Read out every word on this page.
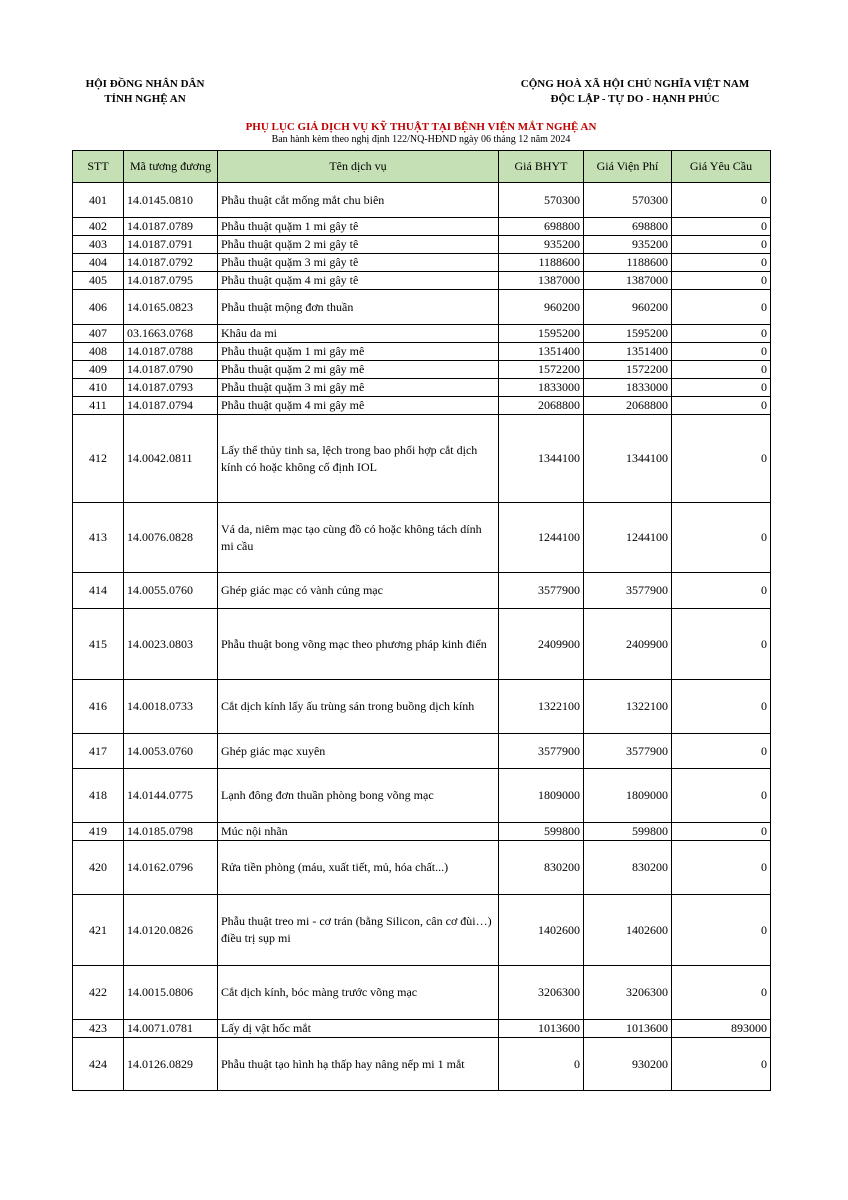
HỘI ĐỒNG NHÂN DÂN
TỈNH NGHỆ AN
CỘNG HOÀ XÃ HỘI CHỦ NGHĨA VIỆT NAM
ĐỘC LẬP - TỰ DO - HẠNH PHÚC
PHỤ LỤC GIÁ DỊCH VỤ KỸ THUẬT TẠI BỆNH VIỆN MẮT NGHỆ AN
Ban hành kèm theo nghị định 122/NQ-HĐND ngày 06 tháng 12 năm 2024
STT	Mã tương đương	Tên dịch vụ	Giá BHYT	Giá Viện Phí	Giá Yêu Cầu
401	14.0145.0810	Phẫu thuật cắt mống mắt chu biên	570300	570300	0
402	14.0187.0789	Phẫu thuật quặm 1 mi gây tê	698800	698800	0
403	14.0187.0791	Phẫu thuật quặm 2 mi gây tê	935200	935200	0
404	14.0187.0792	Phẫu thuật quặm 3 mi gây tê	1188600	1188600	0
405	14.0187.0795	Phẫu thuật quặm 4 mi gây tê	1387000	1387000	0
406	14.0165.0823	Phẫu thuật mộng đơn thuần	960200	960200	0
407	03.1663.0768	Khâu da mi	1595200	1595200	0
408	14.0187.0788	Phẫu thuật quặm 1 mi gây mê	1351400	1351400	0
409	14.0187.0790	Phẫu thuật quặm 2 mi gây mê	1572200	1572200	0
410	14.0187.0793	Phẫu thuật quặm 3 mi gây mê	1833000	1833000	0
411	14.0187.0794	Phẫu thuật quặm 4 mi gây mê	2068800	2068800	0
412	14.0042.0811	Lấy thể thủy tinh sa, lệch trong bao phối hợp cắt dịch kính có hoặc không cố định IOL	1344100	1344100	0
413	14.0076.0828	Vá da, niêm mạc tạo cùng đồ có hoặc không tách dính mi cầu	1244100	1244100	0
414	14.0055.0760	Ghép giác mạc có vành củng mạc	3577900	3577900	0
415	14.0023.0803	Phẫu thuật bong võng mạc theo phương pháp kinh điển	2409900	2409900	0
416	14.0018.0733	Cắt dịch kính lấy ấu trùng sán trong buồng dịch kính	1322100	1322100	0
417	14.0053.0760	Ghép giác mạc xuyên	3577900	3577900	0
418	14.0144.0775	Lạnh đông đơn thuần phòng bong võng mạc	1809000	1809000	0
419	14.0185.0798	Múc nội nhãn	599800	599800	0
420	14.0162.0796	Rửa tiền phòng (máu, xuất tiết, mủ, hóa chất...)	830200	830200	0
421	14.0120.0826	Phẫu thuật treo mi - cơ trán (bằng Silicon, cân cơ đùi…) điều trị sụp mi	1402600	1402600	0
422	14.0015.0806	Cắt dịch kính, bóc màng trước võng mạc	3206300	3206300	0
423	14.0071.0781	Lấy dị vật hốc mắt	1013600	1013600	893000
424	14.0126.0829	Phẫu thuật tạo hình hạ thấp hay nâng nếp mi 1 mắt	0	930200	0
